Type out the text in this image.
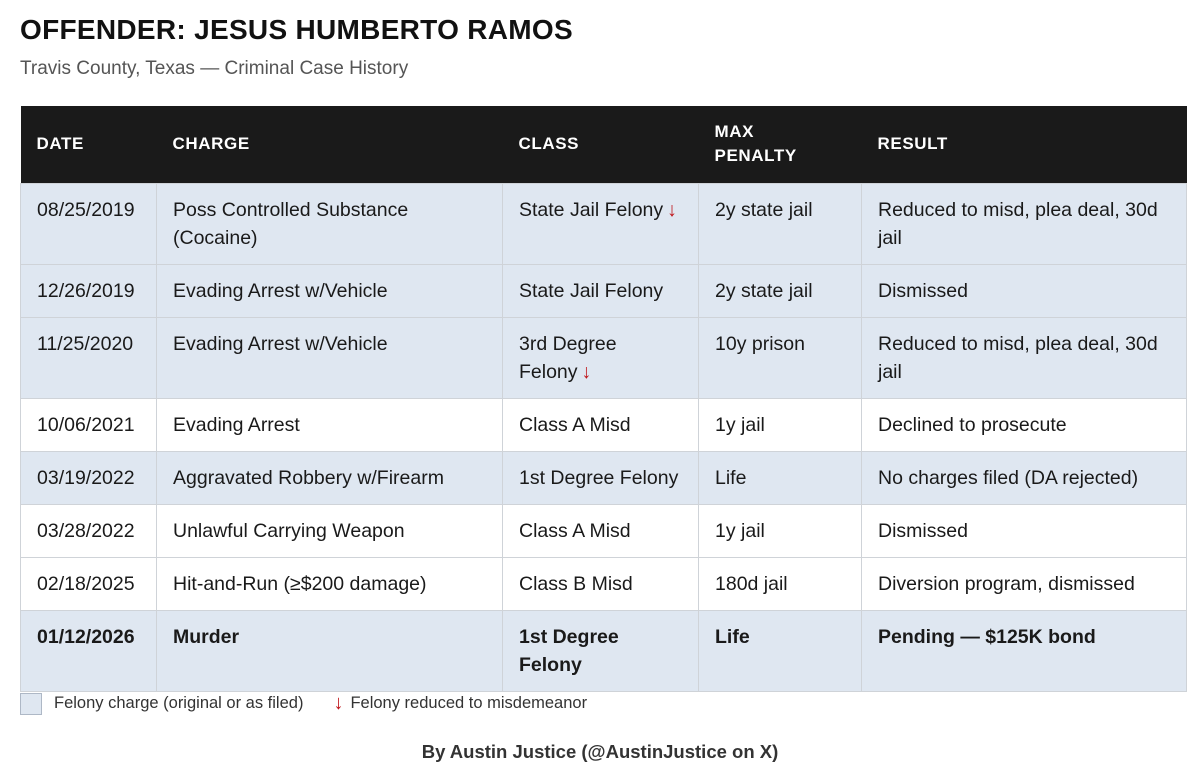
OFFENDER: JESUS HUMBERTO RAMOS
Travis County, Texas — Criminal Case History
DATE	CHARGE	CLASS	MAX PENALTY	RESULT
08/25/2019	Poss Controlled Substance (Cocaine)	State Jail Felony ↓	2y state jail	Reduced to misd, plea deal, 30d jail
12/26/2019	Evading Arrest w/Vehicle	State Jail Felony	2y state jail	Dismissed
11/25/2020	Evading Arrest w/Vehicle	3rd Degree Felony ↓	10y prison	Reduced to misd, plea deal, 30d jail
10/06/2021	Evading Arrest	Class A Misd	1y jail	Declined to prosecute
03/19/2022	Aggravated Robbery w/Firearm	1st Degree Felony	Life	No charges filed (DA rejected)
03/28/2022	Unlawful Carrying Weapon	Class A Misd	1y jail	Dismissed
02/18/2025	Hit-and-Run (≥$200 damage)	Class B Misd	180d jail	Diversion program, dismissed
01/12/2026	Murder	1st Degree Felony	Life	Pending — $125K bond
Felony charge (original or as filed) ↓ Felony reduced to misdemeanor
By Austin Justice (@AustinJustice on X)
